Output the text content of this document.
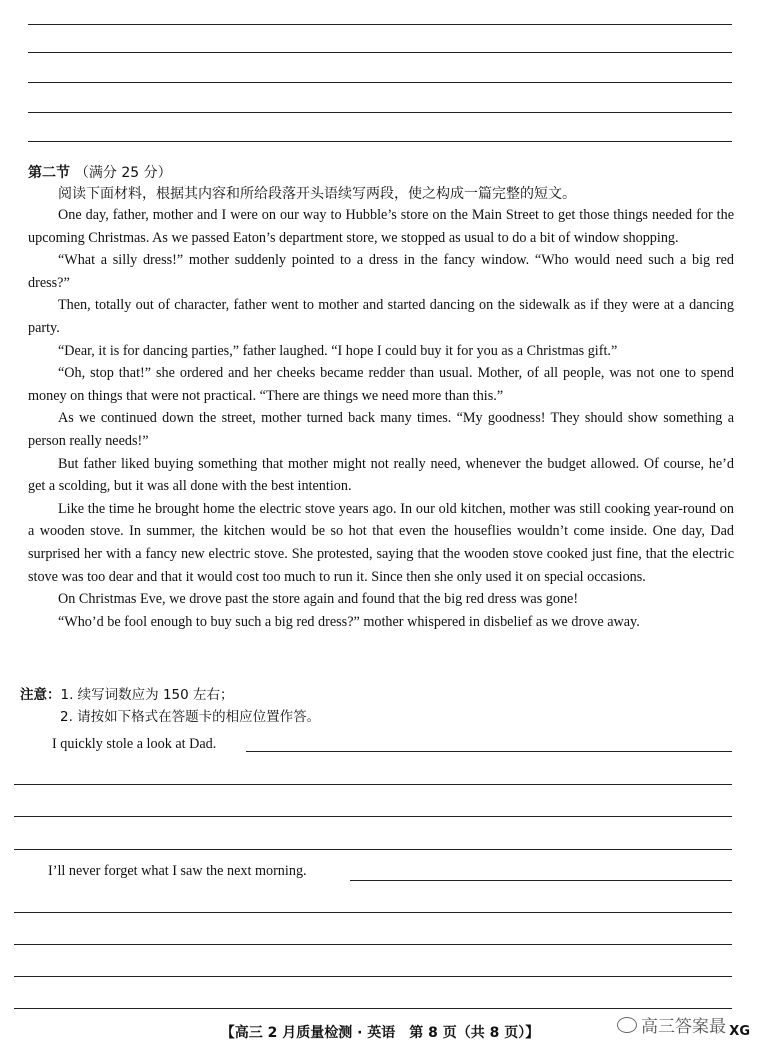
第二节 （满分 25 分）
阅读下面材料，根据其内容和所给段落开头语续写两段，使之构成一篇完整的短文。

One day, father, mother and I were on our way to Hubble’s store on the Main Street to get those things needed for the upcoming Christmas. As we passed Eaton’s department store, we stopped as usual to do a bit of window shopping.

“What a silly dress!” mother suddenly pointed to a dress in the fancy window. “Who would need such a big red dress?”

Then, totally out of character, father went to mother and started dancing on the sidewalk as if they were at a dancing party.

“Dear, it is for dancing parties,” father laughed. “I hope I could buy it for you as a Christmas gift.”

“Oh, stop that!” she ordered and her cheeks became redder than usual. Mother, of all people, was not one to spend money on things that were not practical. “There are things we need more than this.”

As we continued down the street, mother turned back many times. “My goodness! They should show something a person really needs!”

But father liked buying something that mother might not really need, whenever the budget allowed. Of course, he’d get a scolding, but it was all done with the best intention.

Like the time he brought home the electric stove years ago. In our old kitchen, mother was still cooking year-round on a wooden stove. In summer, the kitchen would be so hot that even the houseflies wouldn’t come inside. One day, Dad surprised her with a fancy new electric stove. She protested, saying that the wooden stove cooked just fine, that the electric stove was too dear and that it would cost too much to run it. Since then she only used it on special occasions.

On Christmas Eve, we drove past the store again and found that the big red dress was gone!

“Who’d be fool enough to buy such a big red dress?” mother whispered in disbelief as we drove away.

注意：1. 续写词数应为 150 左右；
2. 请按如下格式在答题卡的相应位置作答。
I quickly stole a look at Dad.
I’ll never forget what I saw the next morning.
【高三 2 月质量检测 · 英语　第 8 页（共 8 页）】	高三答案最 XG
